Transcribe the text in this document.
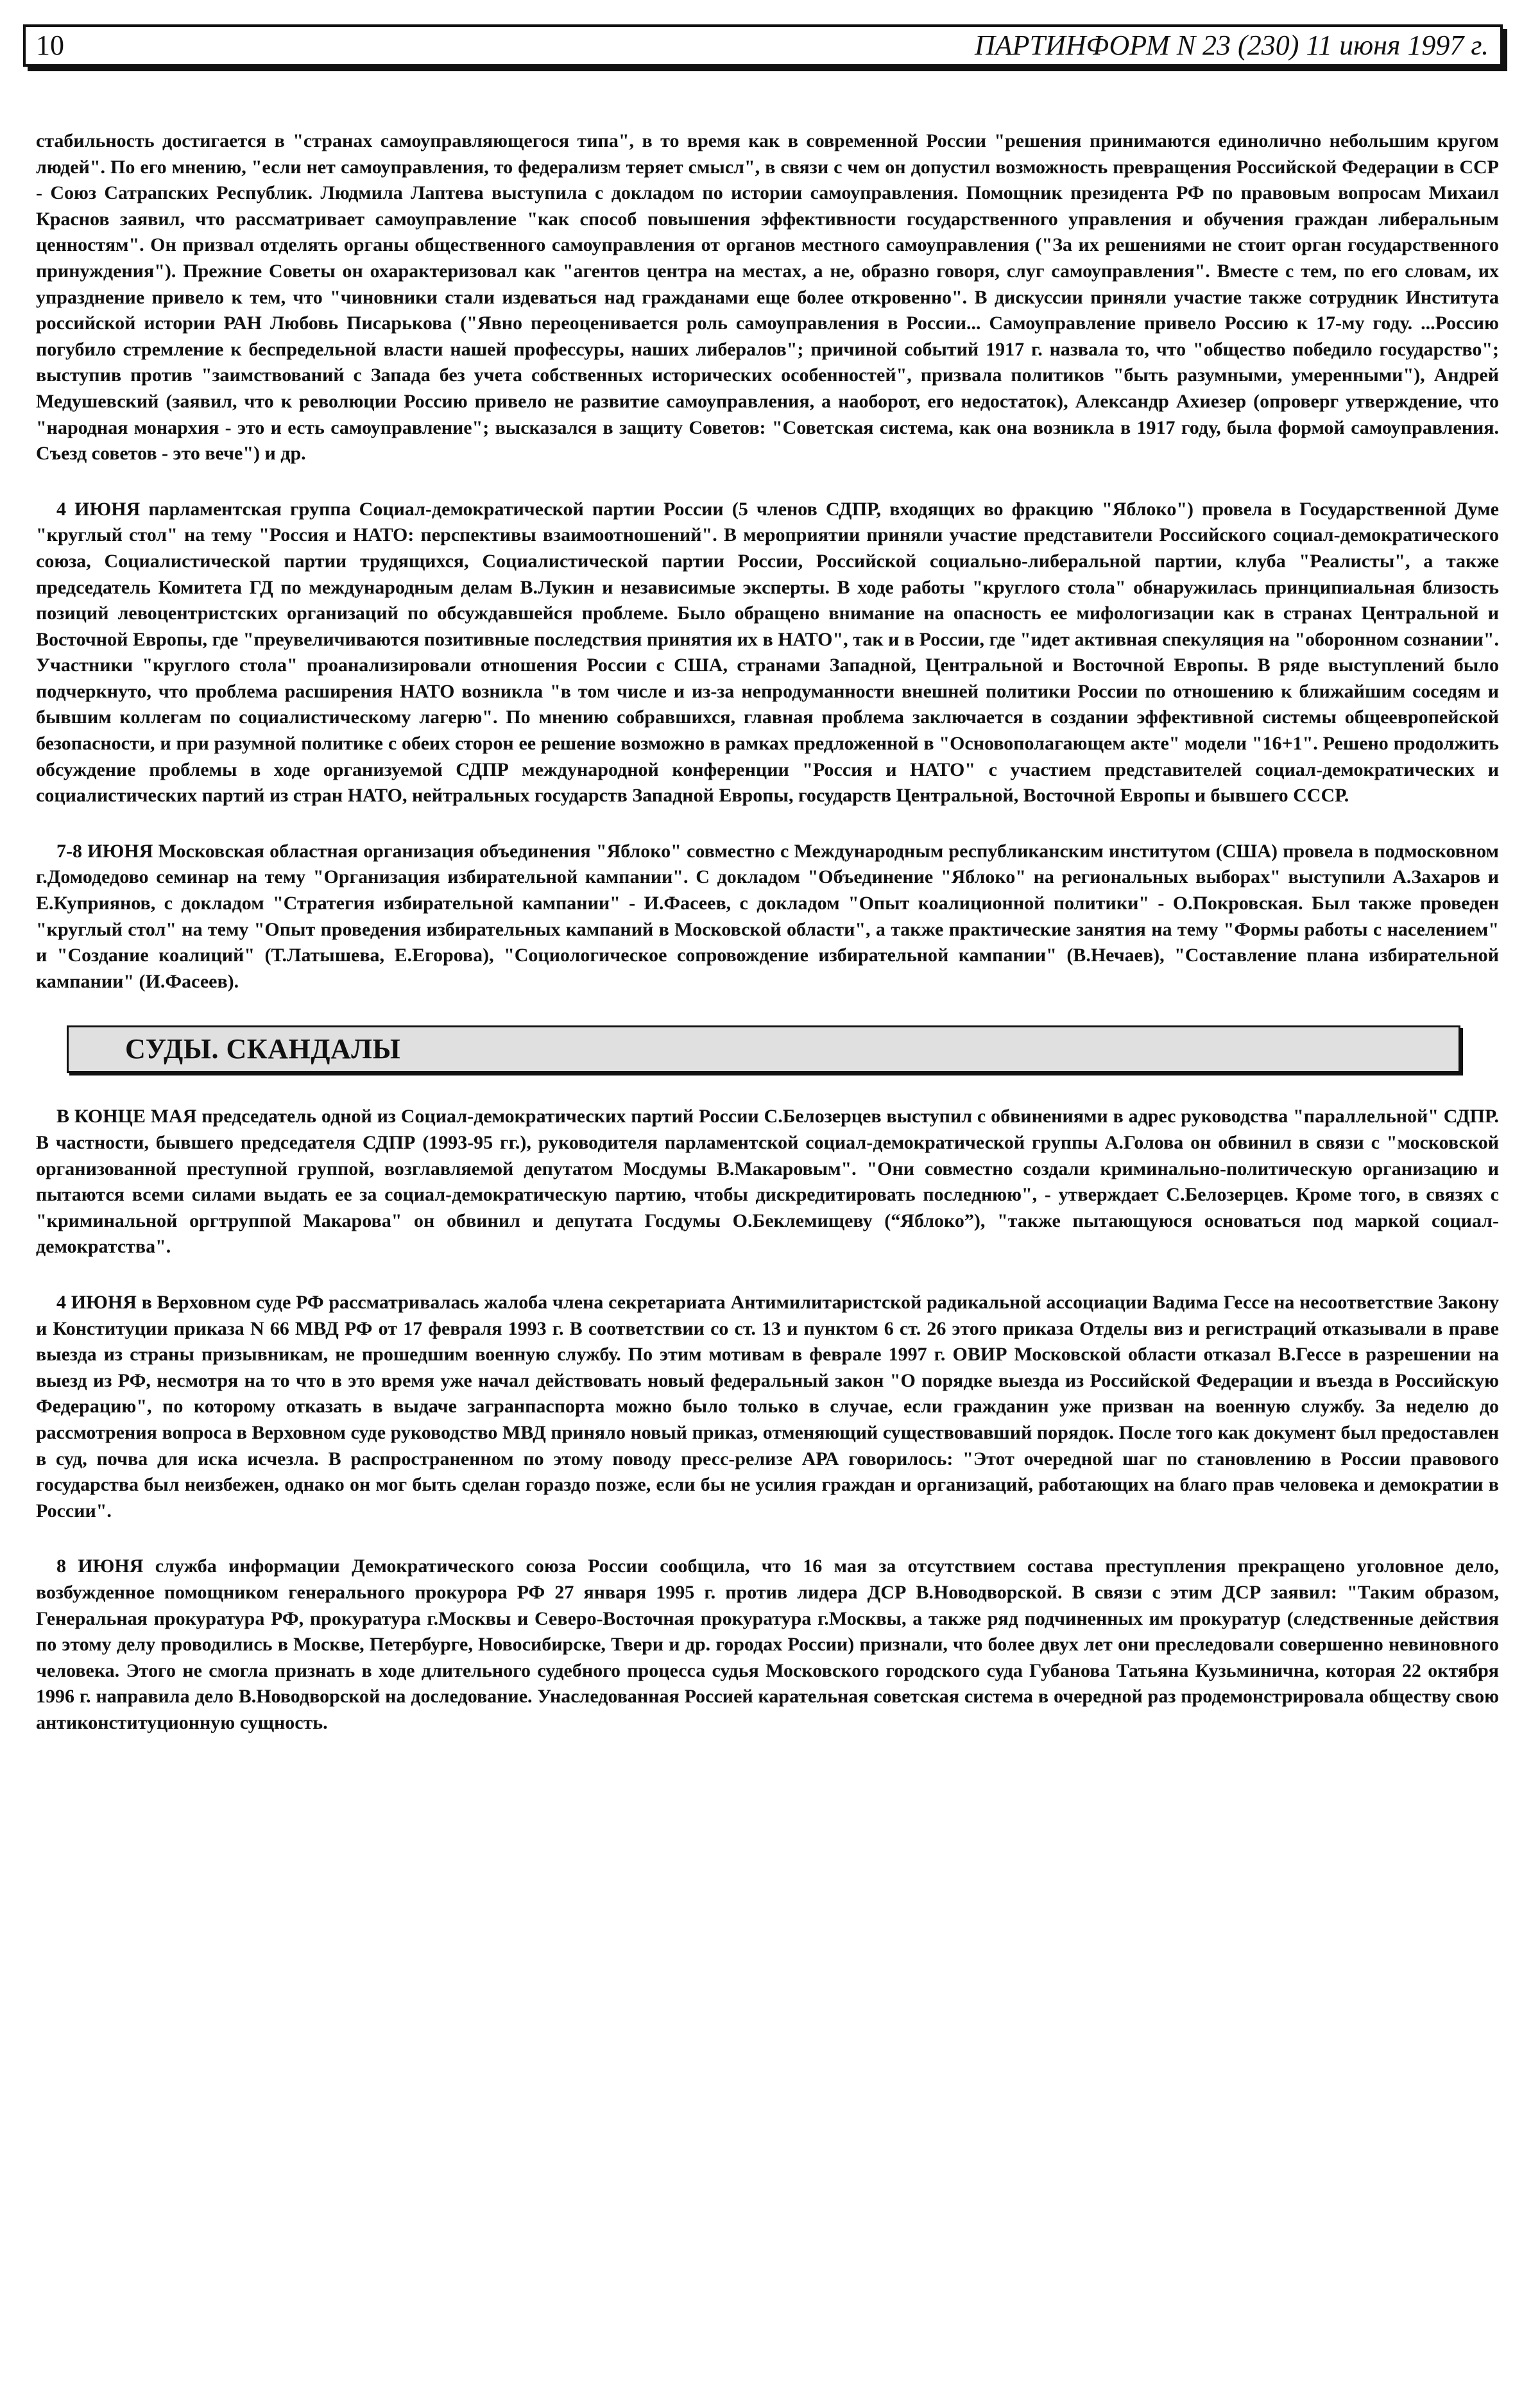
10	ПАРТИНФОРМ N 23 (230) 11 июня 1997 г.

стабильность достигается в "странах самоуправляющегося типа", в то время как в современной России "решения принимаются единолично небольшим кругом людей". По его мнению, "если нет самоуправления, то федерализм теряет смысл", в связи с чем он допустил возможность превращения Российской Федерации в ССР - Союз Сатрапских Республик. Людмила Лаптева выступила с докладом по истории самоуправления. Помощник президента РФ по правовым вопросам Михаил Краснов заявил, что рассматривает самоуправление "как способ повышения эффективности государственного управления и обучения граждан либеральным ценностям". Он призвал отделять органы общественного самоуправления от органов местного самоуправления ("За их решениями не стоит орган государственного принуждения"). Прежние Советы он охарактеризовал как "агентов центра на местах, а не, образно говоря, слуг самоуправления". Вместе с тем, по его словам, их упразднение привело к тем, что "чиновники стали издеваться над гражданами еще более откровенно". В дискуссии приняли участие также сотрудник Института российской истории РАН Любовь Писарькова ("Явно переоценивается роль самоуправления в России... Самоуправление привело Россию к 17-му году. ...Россию погубило стремление к беспредельной власти нашей профессуры, наших либералов"; причиной событий 1917 г. назвала то, что "общество победило государство"; выступив против "заимствований с Запада без учета собственных исторических особенностей", призвала политиков "быть разумными, умеренными"), Андрей Медушевский (заявил, что к революции Россию привело не развитие самоуправления, а наоборот, его недостаток), Александр Ахиезер (опроверг утверждение, что "народная монархия - это и есть самоуправление"; высказался в защиту Советов: "Советская система, как она возникла в 1917 году, была формой самоуправления. Съезд советов - это вече") и др.

4 ИЮНЯ парламентская группа Социал-демократической партии России (5 членов СДПР, входящих во фракцию "Яблоко") провела в Государственной Думе "круглый стол" на тему "Россия и НАТО: перспективы взаимоотношений". В мероприятии приняли участие представители Российского социал-демократического союза, Социалистической партии трудящихся, Социалистической партии России, Российской социально-либеральной партии, клуба "Реалисты", а также председатель Комитета ГД по международным делам В.Лукин и независимые эксперты. В ходе работы "круглого стола" обнаружилась принципиальная близость позиций левоцентристских организаций по обсуждавшейся проблеме. Было обращено внимание на опасность ее мифологизации как в странах Центральной и Восточной Европы, где "преувеличиваются позитивные последствия принятия их в НАТО", так и в России, где "идет активная спекуляция на "оборонном сознании". Участники "круглого стола" проанализировали отношения России с США, странами Западной, Центральной и Восточной Европы. В ряде выступлений было подчеркнуто, что проблема расширения НАТО возникла "в том числе и из-за непродуманности внешней политики России по отношению к ближайшим соседям и бывшим коллегам по социалистическому лагерю". По мнению собравшихся, главная проблема заключается в создании эффективной системы общеевропейской безопасности, и при разумной политике с обеих сторон ее решение возможно в рамках предложенной в "Основополагающем акте" модели "16+1". Решено продолжить обсуждение проблемы в ходе организуемой СДПР международной конференции "Россия и НАТО" с участием представителей социал-демократических и социалистических партий из стран НАТО, нейтральных государств Западной Европы, государств Центральной, Восточной Европы и бывшего СССР.

7-8 ИЮНЯ Московская областная организация объединения "Яблоко" совместно с Международным республиканским институтом (США) провела в подмосковном г.Домодедово семинар на тему "Организация избирательной кампании". С докладом "Объединение "Яблоко" на региональных выборах" выступили А.Захаров и Е.Куприянов, с докладом "Стратегия избирательной кампании" - И.Фасеев, с докладом "Опыт коалиционной политики" - О.Покровская. Был также проведен "круглый стол" на тему "Опыт проведения избирательных кампаний в Московской области", а также практические занятия на тему "Формы работы с населением" и "Создание коалиций" (Т.Латышева, Е.Егорова), "Социологическое сопровождение избирательной кампании" (В.Нечаев), "Составление плана избирательной кампании" (И.Фасеев).

СУДЫ. СКАНДАЛЫ

В КОНЦЕ МАЯ председатель одной из Социал-демократических партий России С.Белозерцев выступил с обвинениями в адрес руководства "параллельной" СДПР. В частности, бывшего председателя СДПР (1993-95 гг.), руководителя парламентской социал-демократической группы А.Голова он обвинил в связи с "московской организованной преступной группой, возглавляемой депутатом Мосдумы В.Макаровым". "Они совместно создали криминально-политическую организацию и пытаются всеми силами выдать ее за социал-демократическую партию, чтобы дискредитировать последнюю", - утверждает С.Белозерцев. Кроме того, в связях с "криминальной оргтруппой Макарова" он обвинил и депутата Госдумы О.Беклемищеву (“Яблоко”), "также пытающуюся основаться под маркой социал-демократства".

4 ИЮНЯ в Верховном суде РФ рассматривалась жалоба члена секретариата Антимилитаристской радикальной ассоциации Вадима Гессе на несоответствие Закону и Конституции приказа N 66 МВД РФ от 17 февраля 1993 г. В соответствии со ст. 13 и пунктом 6 ст. 26 этого приказа Отделы виз и регистраций отказывали в праве выезда из страны призывникам, не прошедшим военную службу. По этим мотивам в феврале 1997 г. ОВИР Московской области отказал В.Гессе в разрешении на выезд из РФ, несмотря на то что в это время уже начал действовать новый федеральный закон "О порядке выезда из Российской Федерации и въезда в Российскую Федерацию", по которому отказать в выдаче загранпаспорта можно было только в случае, если гражданин уже призван на военную службу. За неделю до рассмотрения вопроса в Верховном суде руководство МВД приняло новый приказ, отменяющий существовавший порядок. После того как документ был предоставлен в суд, почва для иска исчезла. В распространенном по этому поводу пресс-релизе АРА говорилось: "Этот очередной шаг по становлению в России правового государства был неизбежен, однако он мог быть сделан гораздо позже, если бы не усилия граждан и организаций, работающих на благо прав человека и демократии в России".

8 ИЮНЯ служба информации Демократического союза России сообщила, что 16 мая за отсутствием состава преступления прекращено уголовное дело, возбужденное помощником генерального прокурора РФ 27 января 1995 г. против лидера ДСР В.Новодворской. В связи с этим ДСР заявил: "Таким образом, Генеральная прокуратура РФ, прокуратура г.Москвы и Северо-Восточная прокуратура г.Москвы, а также ряд подчиненных им прокуратур (следственные действия по этому делу проводились в Москве, Петербурге, Новосибирске, Твери и др. городах России) признали, что более двух лет они преследовали совершенно невиновного человека. Этого не смогла признать в ходе длительного судебного процесса судья Московского городского суда Губанова Татьяна Кузьминична, которая 22 октября 1996 г. направила дело В.Новодворской на доследование. Унаследованная Россией карательная советская система в очередной раз продемонстрировала обществу свою антиконституционную сущность.
